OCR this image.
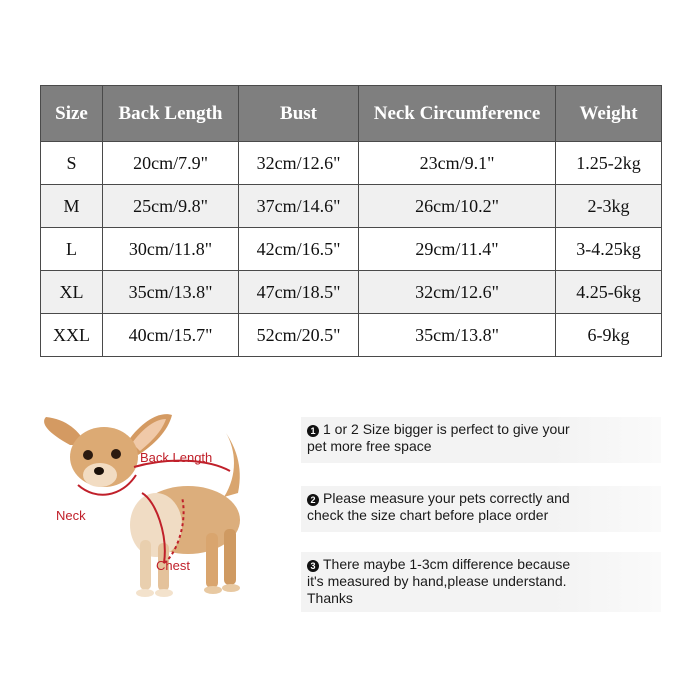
Size	Back Length	Bust	Neck Circumference	Weight
S	20cm/7.9"	32cm/12.6"	23cm/9.1"	1.25-2kg
M	25cm/9.8"	37cm/14.6"	26cm/10.2"	2-3kg
L	30cm/11.8"	42cm/16.5"	29cm/11.4"	3-4.25kg
XL	35cm/13.8"	47cm/18.5"	32cm/12.6"	4.25-6kg
XXL	40cm/15.7"	52cm/20.5"	35cm/13.8"	6-9kg
Back Length
Neck
Chest
1 1 or 2 Size bigger is perfect to give your
pet more free space
2 Please measure your pets correctly and
check the size chart before place order
3 There maybe 1-3cm difference because
it's measured by hand,please understand.
Thanks
